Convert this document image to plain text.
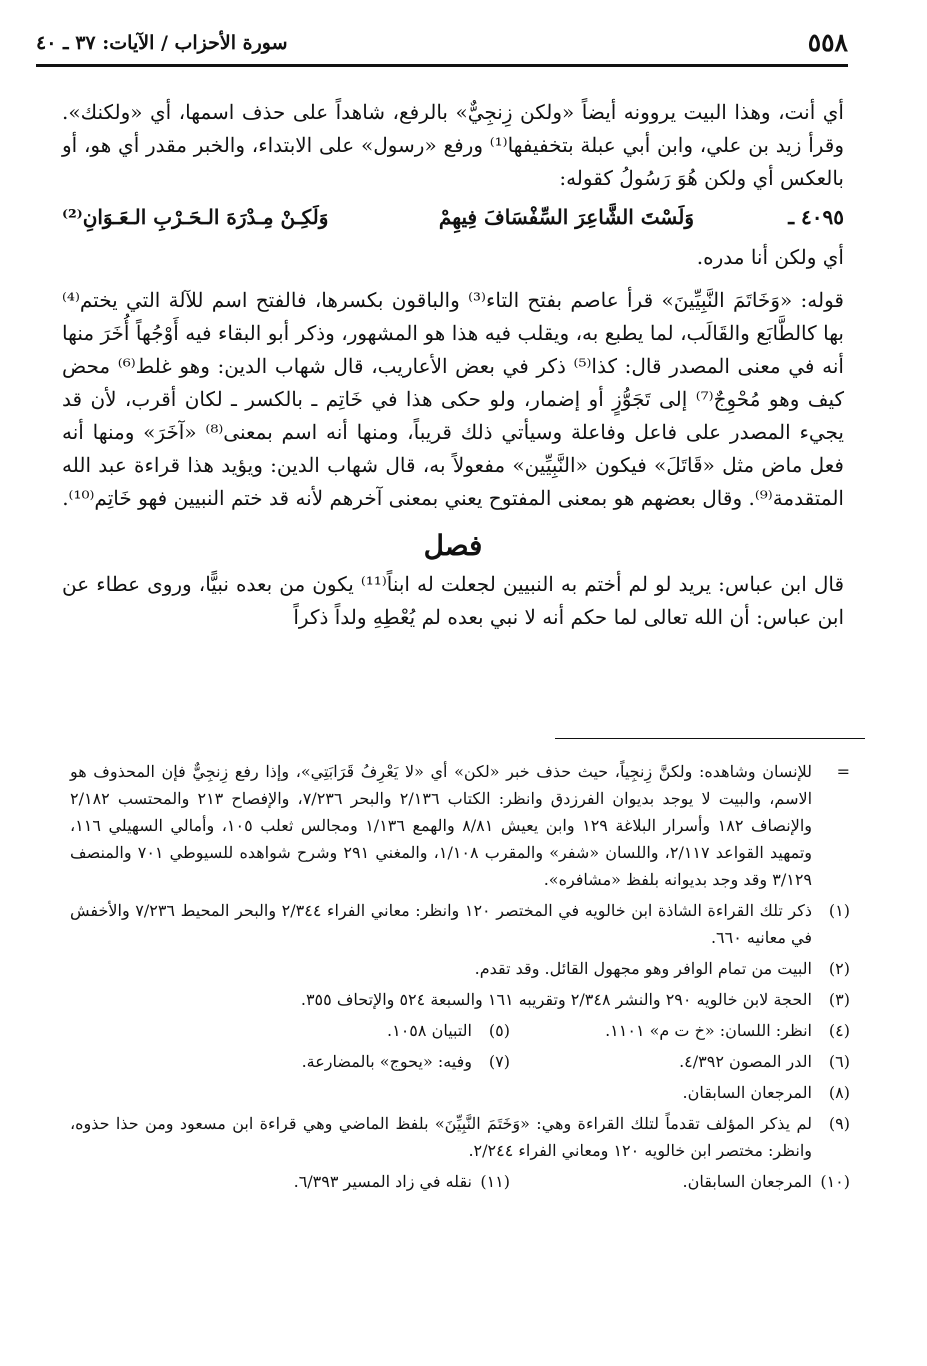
٥٥٨
سورة الأحزاب / الآيات: ٣٧ ـ ٤٠

أي أنت، وهذا البيت يروونه أيضاً «ولكن زِنجِيٌّ» بالرفع، شاهداً على حذف اسمها، أي «ولكنك». وقرأ زيد بن علي، وابن أبي عبلة بتخفيفها⁽¹⁾ ورفع «رسول» على الابتداء، والخبر مقدر أي هو، أو بالعكس أي ولكن هُوَ رَسُولُ كقوله:

٤٠٩٥ ـ
وَلَسْتَ الشَّاعِرَ السِّفْسَافَ فِيهِمْ
وَلَكِـنْ مِـدْرَهَ الـحَـرْبِ الـعَـوَانِ⁽²⁾

أي ولكن أنا مدره.

قوله: «وَخَاتَمَ النَّبِيِّينَ» قرأ عاصم بفتح التاء⁽³⁾ والباقون بكسرها، فالفتح اسم للآلة التي يختم⁽⁴⁾ بها كالطَّابَع والقَالَب، لما يطبع به، ويقلب فيه هذا هو المشهور، وذكر أبو البقاء فيه أَوْجُهاً أُخَرَ منها أنه في معنى المصدر قال: كذا⁽⁵⁾ ذكر في بعض الأعاريب، قال شهاب الدين: وهو غلط⁽⁶⁾ محض كيف وهو مُحْوِجٌ⁽⁷⁾ إلى تَجَوُّزٍ أو إضمار، ولو حكى هذا في خَاتِم ـ بالكسر ـ لكان أقرب، لأن قد يجيء المصدر على فاعل وفاعلة وسيأتي ذلك قريباً، ومنها أنه اسم بمعنى⁽⁸⁾ «آخَرَ» ومنها أنه فعل ماض مثل «قَاتَلَ» فيكون «النَّبِيِّين» مفعولاً به، قال شهاب الدين: ويؤيد هذا قراءة عبد الله المتقدمة⁽⁹⁾. وقال بعضهم هو بمعنى المفتوح يعني بمعنى آخرهم لأنه قد ختم النبيين فهو خَاتِم⁽¹⁰⁾.

فصل

قال ابن عباس: يريد لو لم أختم به النبيين لجعلت له ابناً⁽¹¹⁾ يكون من بعده نبيًّا، وروى عطاء عن ابن عباس: أن الله تعالى لما حكم أنه لا نبي بعده لم يُعْطِهِ ولداً ذكراً

=
للإنسان وشاهده: ولكنَّ زِنجِياً، حيث حذف خبر «لكن» أي «لا يَعْرِفُ قَرَابَتِي»، وإذا رفع زِنجِيٌّ فإن المحذوف هو الاسم، والبيت لا يوجد بديوان الفرزدق وانظر: الكتاب ٢/١٣٦ والبحر ٧/٢٣٦، والإفصاح ٢١٣ والمحتسب ٢/١٨٢ والإنصاف ١٨٢ وأسرار البلاغة ١٢٩ وابن يعيش ٨/٨١ والهمع ١/١٣٦ ومجالس ثعلب ١٠٥، وأمالي السهيلي ١١٦، وتمهيد القواعد ٢/١١٧، واللسان «شفر» والمقرب ١/١٠٨، والمغني ٢٩١ وشرح شواهده للسيوطي ٧٠١ والمنصف ٣/١٢٩ وقد وجد بديوانه بلفظ «مشافره».
(١)
ذكر تلك القراءة الشاذة ابن خالويه في المختصر ١٢٠ وانظر: معاني الفراء ٢/٣٤٤ والبحر المحيط ٧/٢٣٦ والأخفش في معانيه ٦٦٠.
(٢)
البيت من تمام الوافر وهو مجهول القائل. وقد تقدم.
(٣)
الحجة لابن خالويه ٢٩٠ والنشر ٢/٣٤٨ وتقريبه ١٦١ والسبعة ٥٢٤ والإتحاف ٣٥٥.
(٤)
انظر: اللسان: «خ ت م» ١١٠١.
(٥)
التبيان ١٠٥٨.
(٦)
الدر المصون ٤/٣٩٢.
(٧)
وفيه: «يحوج» بالمضارعة.
(٨)
المرجعان السابقان.
(٩)
لم يذكر المؤلف تقدماً لتلك القراءة وهي: «وَخَتَمَ النَّبِيِّنَ» بلفظ الماضي وهي قراءة ابن مسعود ومن حذا حذوه، وانظر: مختصر ابن خالويه ١٢٠ ومعاني الفراء ٢/٢٤٤.
(١٠)
المرجعان السابقان.
(١١)
نقله في زاد المسير ٦/٣٩٣.
